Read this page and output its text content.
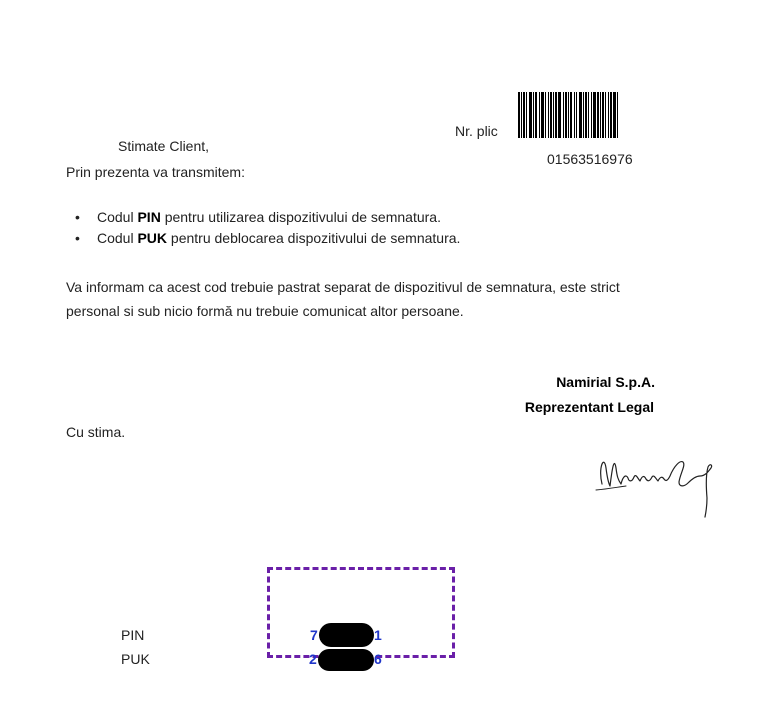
Stimate Client,
Prin prezenta va transmitem:
Nr. plic
01563516976
• Codul PIN pentru utilizarea dispozitivului de semnatura.
• Codul PUK pentru deblocarea dispozitivului de semnatura.
Va informam ca acest cod trebuie pastrat separat de dispozitivul de semnatura, este strict personal si sub nicio formă nu trebuie comunicat altor persoane.
Namirial S.p.A.
Reprezentant Legal
Cu stima.
PIN
PUK
7	1
2	6
